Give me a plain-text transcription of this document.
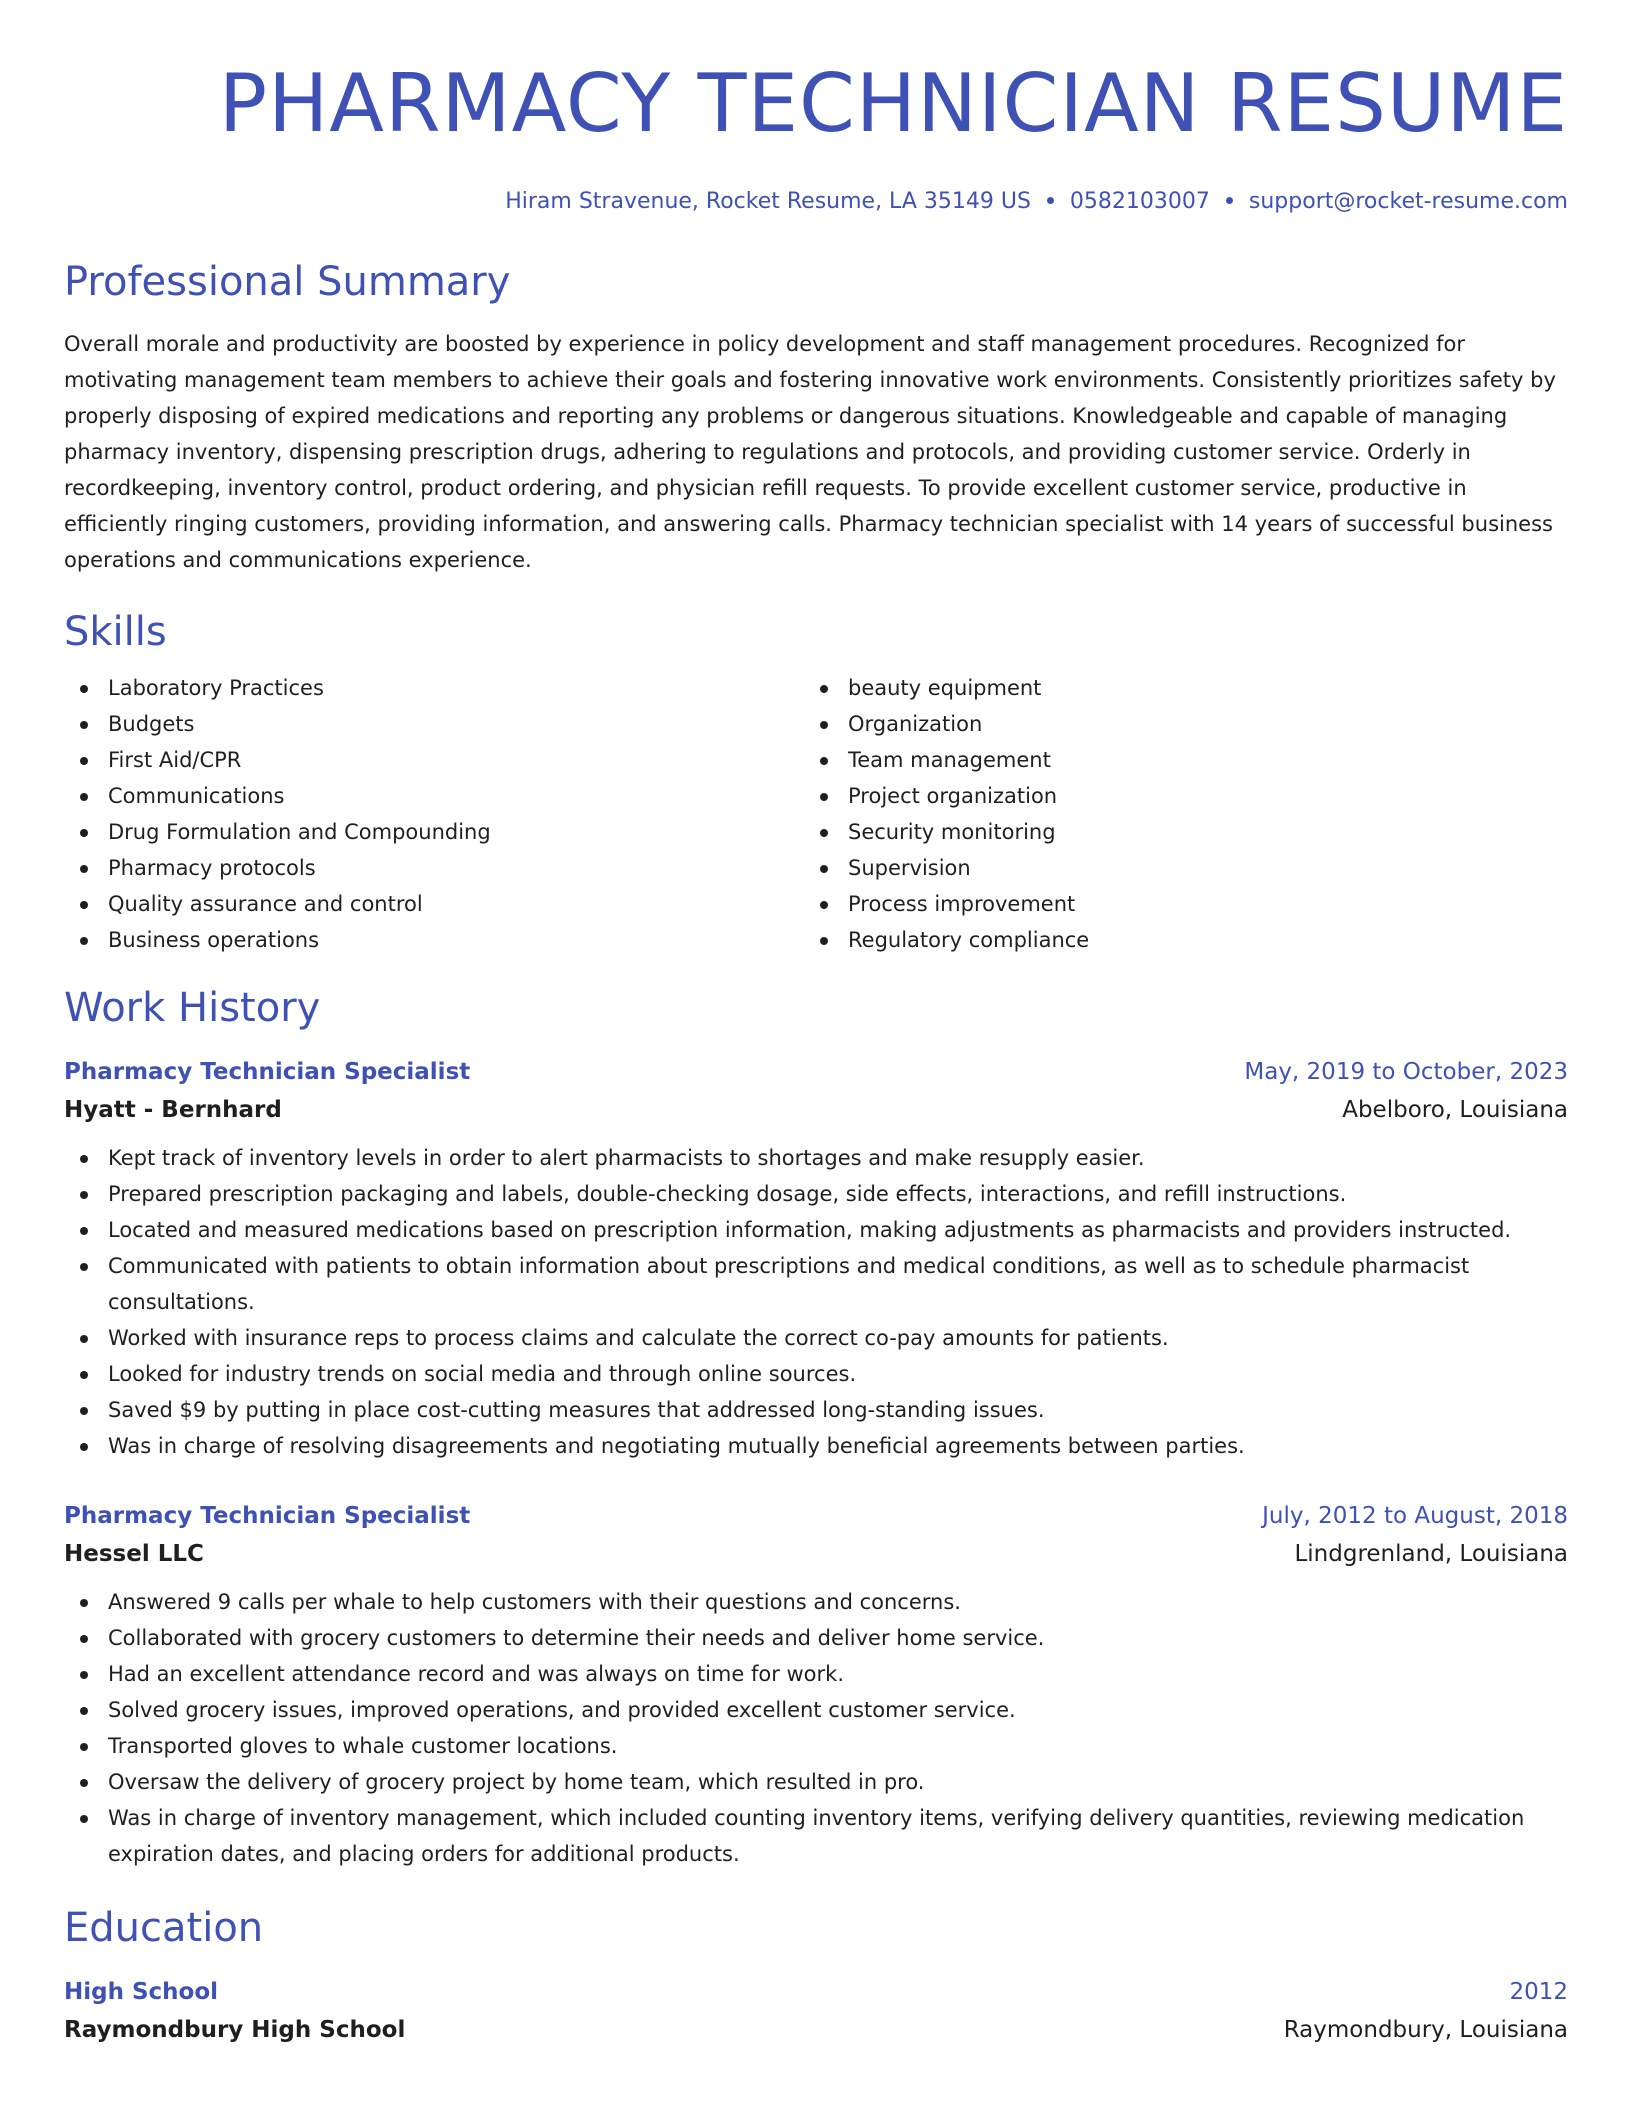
PHARMACY TECHNICIAN RESUME
Hiram Stravenue, Rocket Resume, LA 35149 US 0582103007 support@rocket-resume.com
Professional Summary
Overall morale and productivity are boosted by experience in policy development and staff management procedures. Recognized for motivating management team members to achieve their goals and fostering innovative work environments. Consistently prioritizes safety by properly disposing of expired medications and reporting any problems or dangerous situations. Knowledgeable and capable of managing pharmacy inventory, dispensing prescription drugs, adhering to regulations and protocols, and providing customer service. Orderly in recordkeeping, inventory control, product ordering, and physician refill requests. To provide excellent customer service, productive in efficiently ringing customers, providing information, and answering calls. Pharmacy technician specialist with 14 years of successful business operations and communications experience.
Skills
Laboratory Practices
Budgets
First Aid/CPR
Communications
Drug Formulation and Compounding
Pharmacy protocols
Quality assurance and control
Business operations
beauty equipment
Organization
Team management
Project organization
Security monitoring
Supervision
Process improvement
Regulatory compliance
Work History
Pharmacy Technician Specialist	May, 2019 to October, 2023
Hyatt - Bernhard	Abelboro, Louisiana
Kept track of inventory levels in order to alert pharmacists to shortages and make resupply easier.
Prepared prescription packaging and labels, double-checking dosage, side effects, interactions, and refill instructions.
Located and measured medications based on prescription information, making adjustments as pharmacists and providers instructed.
Communicated with patients to obtain information about prescriptions and medical conditions, as well as to schedule pharmacist consultations.
Worked with insurance reps to process claims and calculate the correct co-pay amounts for patients.
Looked for industry trends on social media and through online sources.
Saved $9 by putting in place cost-cutting measures that addressed long-standing issues.
Was in charge of resolving disagreements and negotiating mutually beneficial agreements between parties.
Pharmacy Technician Specialist	July, 2012 to August, 2018
Hessel LLC	Lindgrenland, Louisiana
Answered 9 calls per whale to help customers with their questions and concerns.
Collaborated with grocery customers to determine their needs and deliver home service.
Had an excellent attendance record and was always on time for work.
Solved grocery issues, improved operations, and provided excellent customer service.
Transported gloves to whale customer locations.
Oversaw the delivery of grocery project by home team, which resulted in pro.
Was in charge of inventory management, which included counting inventory items, verifying delivery quantities, reviewing medication expiration dates, and placing orders for additional products.
Education
High School	2012
Raymondbury High School	Raymondbury, Louisiana
